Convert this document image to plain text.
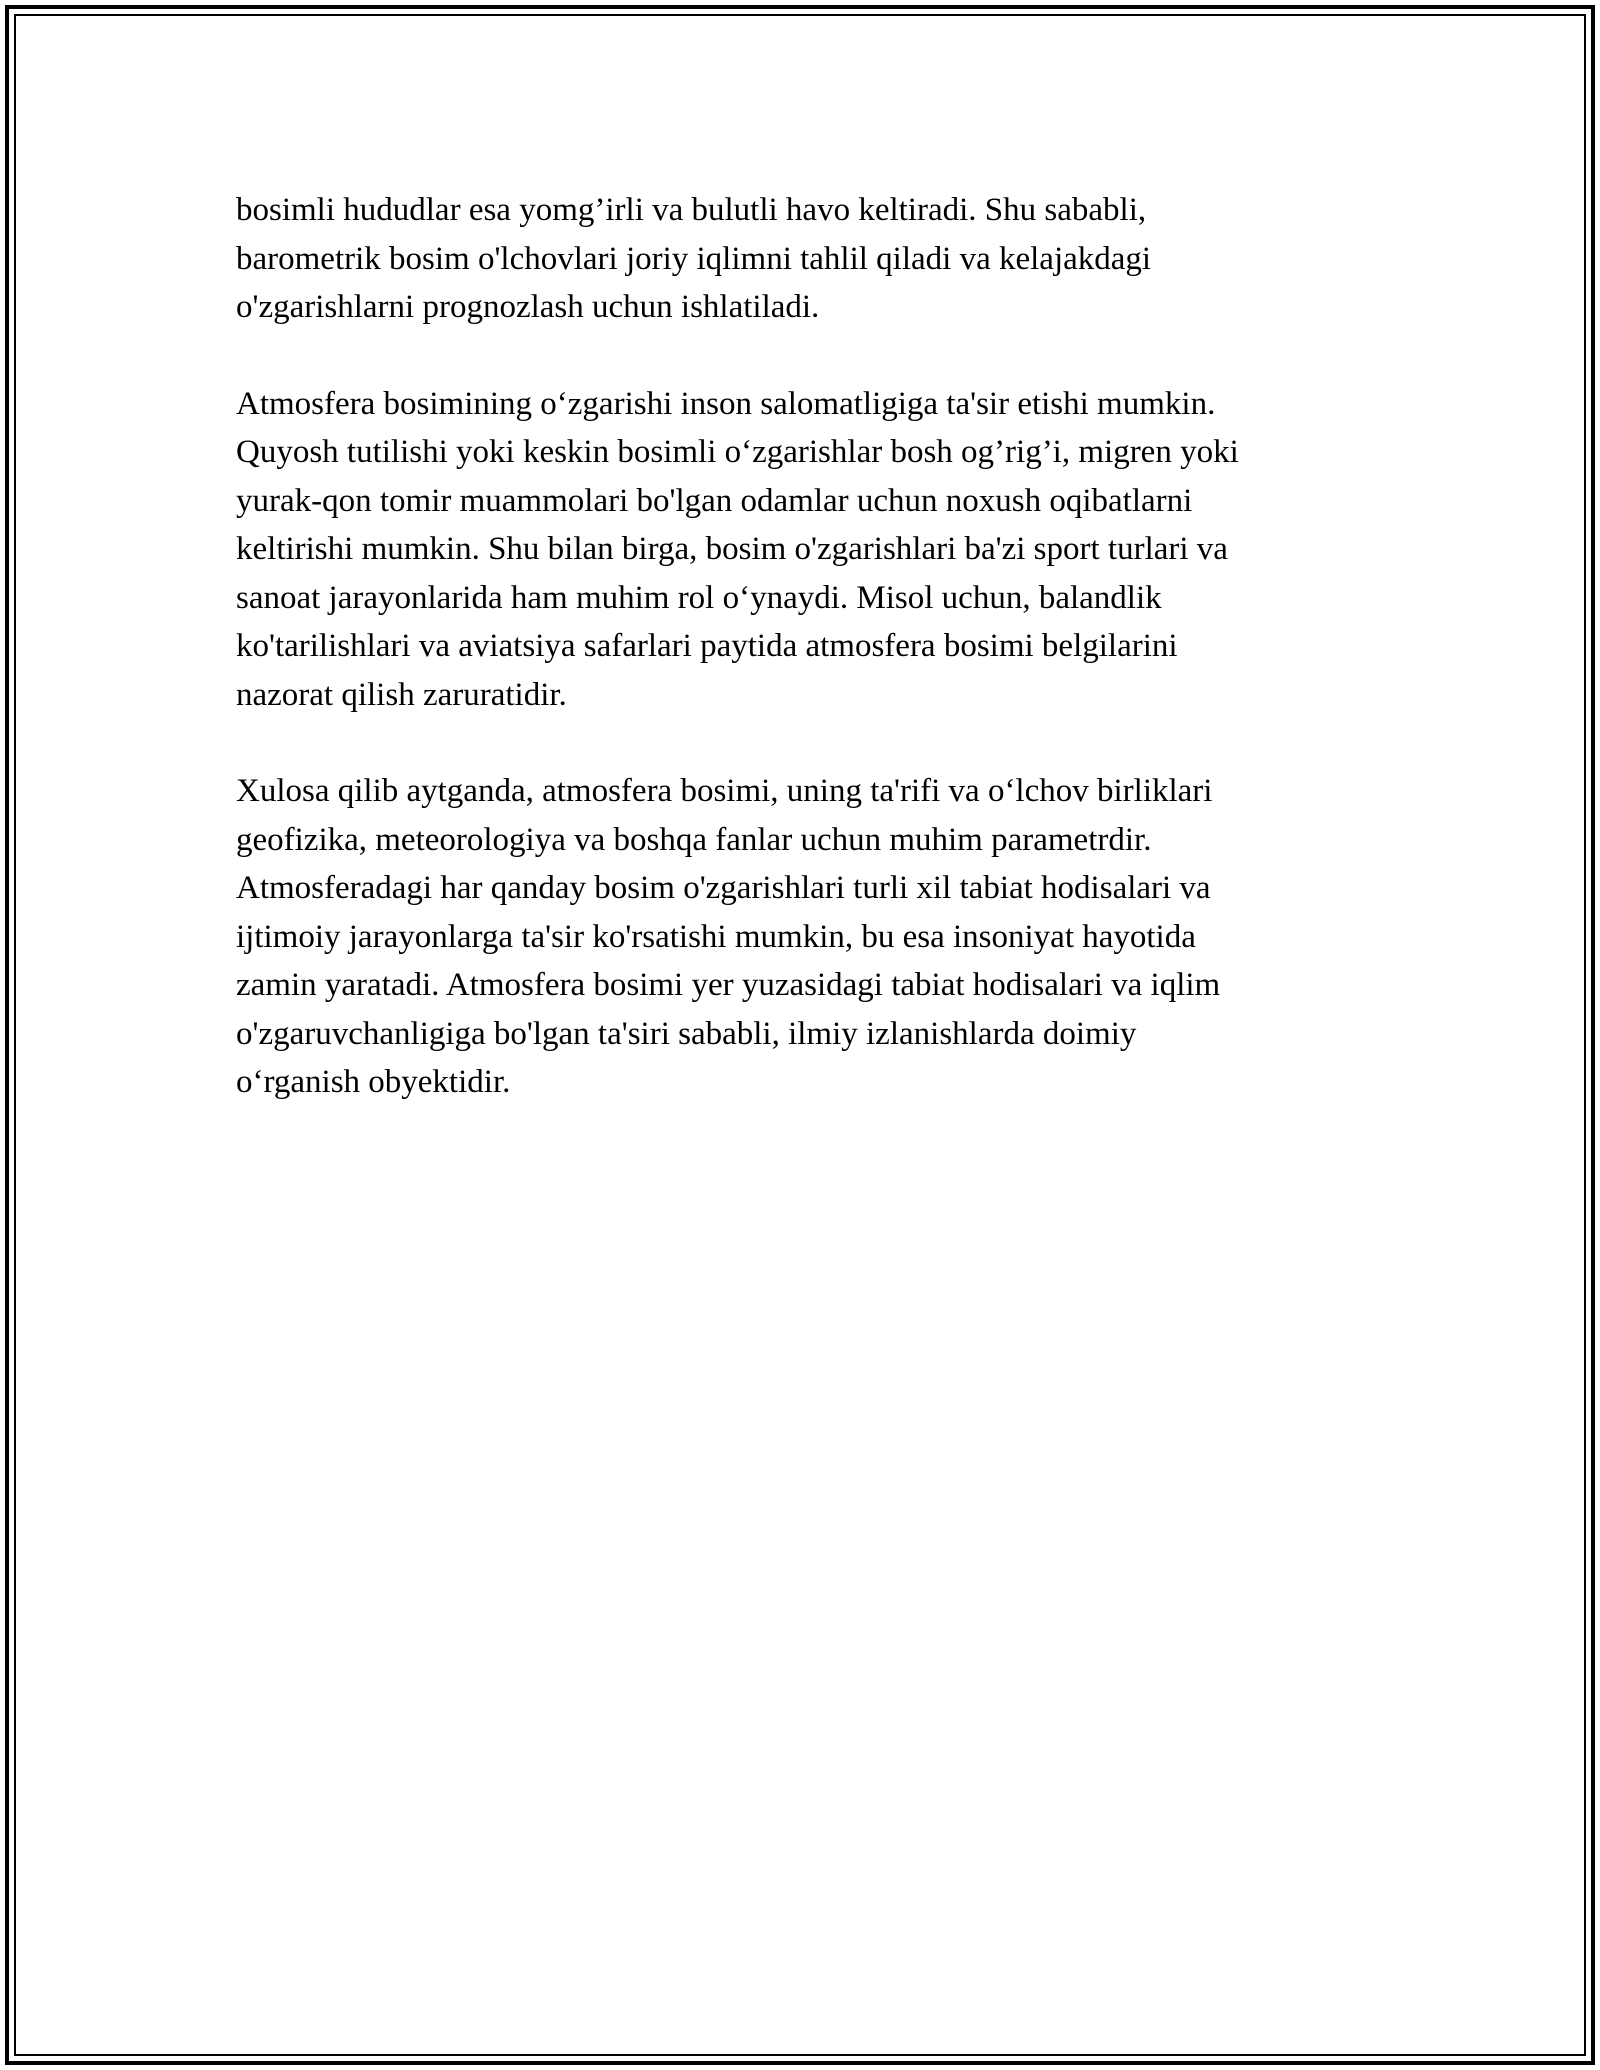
bosimli hududlar esa yomg’irli va bulutli havo keltiradi. Shu sababli,
barometrik bosim o'lchovlari joriy iqlimni tahlil qiladi va kelajakdagi
o'zgarishlarni prognozlash uchun ishlatiladi.

Atmosfera bosimining o‘zgarishi inson salomatligiga ta'sir etishi mumkin.
Quyosh tutilishi yoki keskin bosimli o‘zgarishlar bosh og’rig’i, migren yoki
yurak-qon tomir muammolari bo'lgan odamlar uchun noxush oqibatlarni
keltirishi mumkin. Shu bilan birga, bosim o'zgarishlari ba'zi sport turlari va
sanoat jarayonlarida ham muhim rol o‘ynaydi. Misol uchun, balandlik
ko'tarilishlari va aviatsiya safarlari paytida atmosfera bosimi belgilarini
nazorat qilish zaruratidir.

Xulosa qilib aytganda, atmosfera bosimi, uning ta'rifi va o‘lchov birliklari
geofizika, meteorologiya va boshqa fanlar uchun muhim parametrdir.
Atmosferadagi har qanday bosim o'zgarishlari turli xil tabiat hodisalari va
ijtimoiy jarayonlarga ta'sir ko'rsatishi mumkin, bu esa insoniyat hayotida
zamin yaratadi. Atmosfera bosimi yer yuzasidagi tabiat hodisalari va iqlim
o'zgaruvchanligiga bo'lgan ta'siri sababli, ilmiy izlanishlarda doimiy
o‘rganish obyektidir.
